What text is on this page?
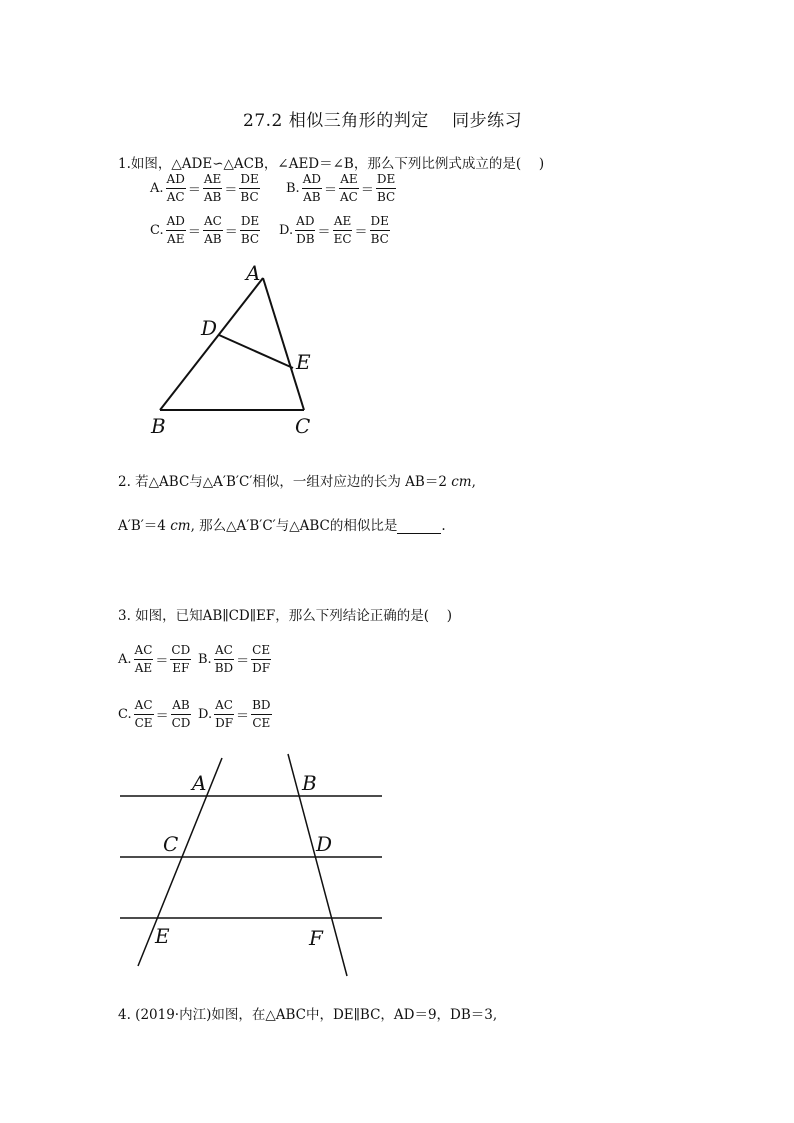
27.2 相似三角形的判定　 同步练习
1.如图，△ADE∽△ACB，∠AED＝∠B，那么下列比例式成立的是(　 )
A. $\frac{AD}{AC} = \frac{AE}{AB} = \frac{DE}{BC} B$. $\frac{AD}{AB} = \frac{AE}{AC} = \frac{DE}{BC}$
C. $\frac{AD}{AE} = \frac{AC}{AB} = \frac{DE}{BC} D$. $\frac{AD}{DB} = \frac{AE}{EC} = \frac{DE}{BC}$
A
D
E
B	C
2. 若△ABC与△A′B′C′相似，一组对应边的长为 AB＝2 cm,
A′B′＝4 cm, 那么△A′B′C′与△ABC的相似比是	.
3. 如图，已知AB∥CD∥EF，那么下列结论正确的是(　 )
A. $\frac{AC}{AE} = \frac{CD}{EF} B$. $\frac{AC}{BD} = \frac{CE}{DF}$
C. $\frac{AC}{CE} = \frac{AB}{CD} D$. $\frac{AC}{DF} = \frac{BD}{CE}$
A	B
C	D
E	F
4. (2019·内江)如图，在△ABC中，DE∥BC，AD＝9，DB＝3,
